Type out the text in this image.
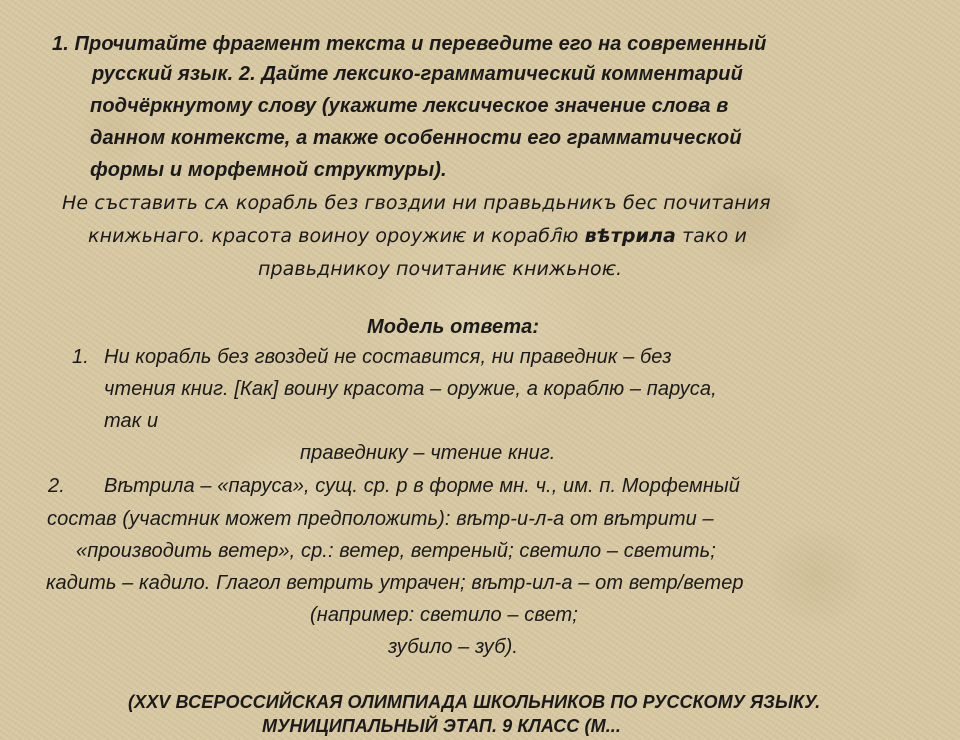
1. Прочитайте фрагмент текста и переведите его на современный
русский язык. 2. Дайте лексико-грамматический комментарий
подчёркнутому слову (укажите лексическое значение слова в
данном контексте, а также особенности его грамматической
формы и морфемной структуры).
Не състaвить сѧ корабль без гвоздии ни правьдьникъ бес почитания
книжьнаго. красота воиноу ороужиѥ и корабл҄ю вѣтрила тако и
правьдникоу почитаниѥ книжьноѥ.
Модель ответа:
1. Ни корабль без гвоздей не составится, ни праведник – без
чтения книг. [Как] воину красота – оружие, а кораблю – паруса,
так и
праведнику – чтение книг.
2. Вѣтрила – «паруса», сущ. ср. р в форме мн. ч., им. п. Морфемный
состав (участник может предположить): вѣтр-и-л-а от вѣтрити –
«производить ветер», ср.: ветер, ветреный; светило – светить;
кадить – кадило. Глагол ветрить утрачен; вѣтр-ил-а – от ветр/ветер
(например: светило – свет;
зубило – зуб).
(XXV ВСЕРОССИЙСКАЯ ОЛИМПИАДА ШКОЛЬНИКОВ ПО РУССКОМУ ЯЗЫКУ.
МУНИЦИПАЛЬНЫЙ ЭТАП. 9 КЛАСС (М...
